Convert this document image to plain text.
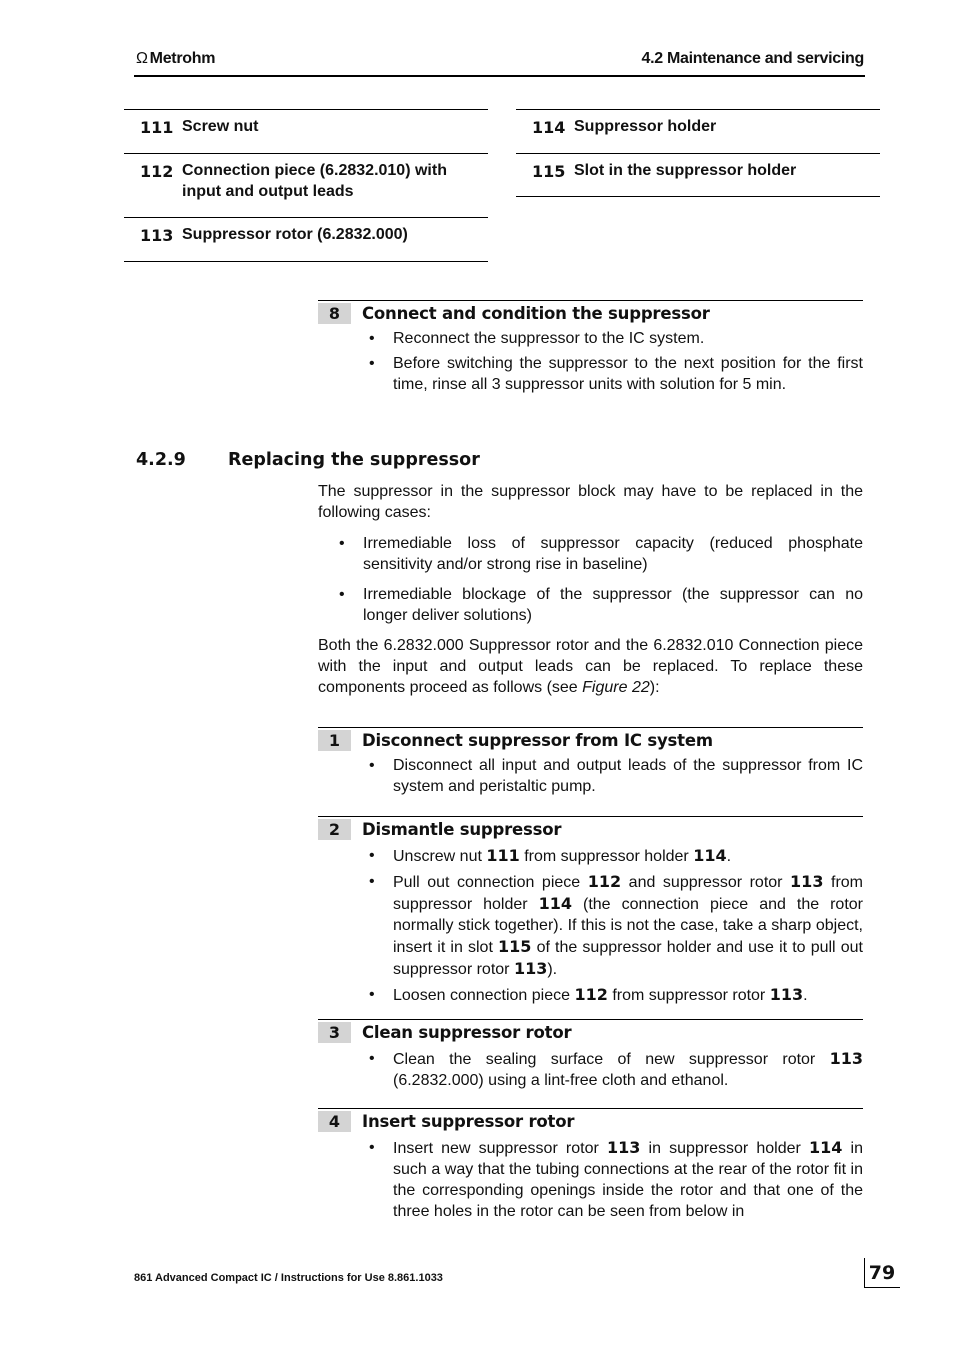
Ω Metrohm	4.2 Maintenance and servicing
111 Screw nut
112 Connection piece (6.2832.010) with input and output leads
113 Suppressor rotor (6.2832.000)
114 Suppressor holder
115 Slot in the suppressor holder
8	Connect and condition the suppressor
• Reconnect the suppressor to the IC system.
• Before switching the suppressor to the next position for the first time, rinse all 3 suppressor units with solution for 5 min.
4.2.9 Replacing the suppressor

The suppressor in the suppressor block may have to be replaced in the following cases:

• Irremediable loss of suppressor capacity (reduced phosphate sensitivity and/or strong rise in baseline)
• Irremediable blockage of the suppressor (the suppressor can no longer deliver solutions)

Both the 6.2832.000 Suppressor rotor and the 6.2832.010 Connection piece with the input and output leads can be replaced. To replace these components proceed as follows (see Figure 22):

1	Disconnect suppressor from IC system
• Disconnect all input and output leads of the suppressor from IC system and peristaltic pump.
2	Dismantle suppressor
• Unscrew nut 111 from suppressor holder 114.
• Pull out connection piece 112 and suppressor rotor 113 from suppressor holder 114 (the connection piece and the rotor normally stick together). If this is not the case, take a sharp object, insert it in slot 115 of the suppressor holder and use it to pull out suppressor rotor 113).
• Loosen connection piece 112 from suppressor rotor 113.
3	Clean suppressor rotor
• Clean the sealing surface of new suppressor rotor 113 (6.2832.000) using a lint-free cloth and ethanol.
4	Insert suppressor rotor
• Insert new suppressor rotor 113 in suppressor holder 114 in such a way that the tubing connections at the rear of the rotor fit in the corresponding openings inside the rotor and that one of the three holes in the rotor can be seen from below in
861 Advanced Compact IC / Instructions for Use 8.861.1033	79
